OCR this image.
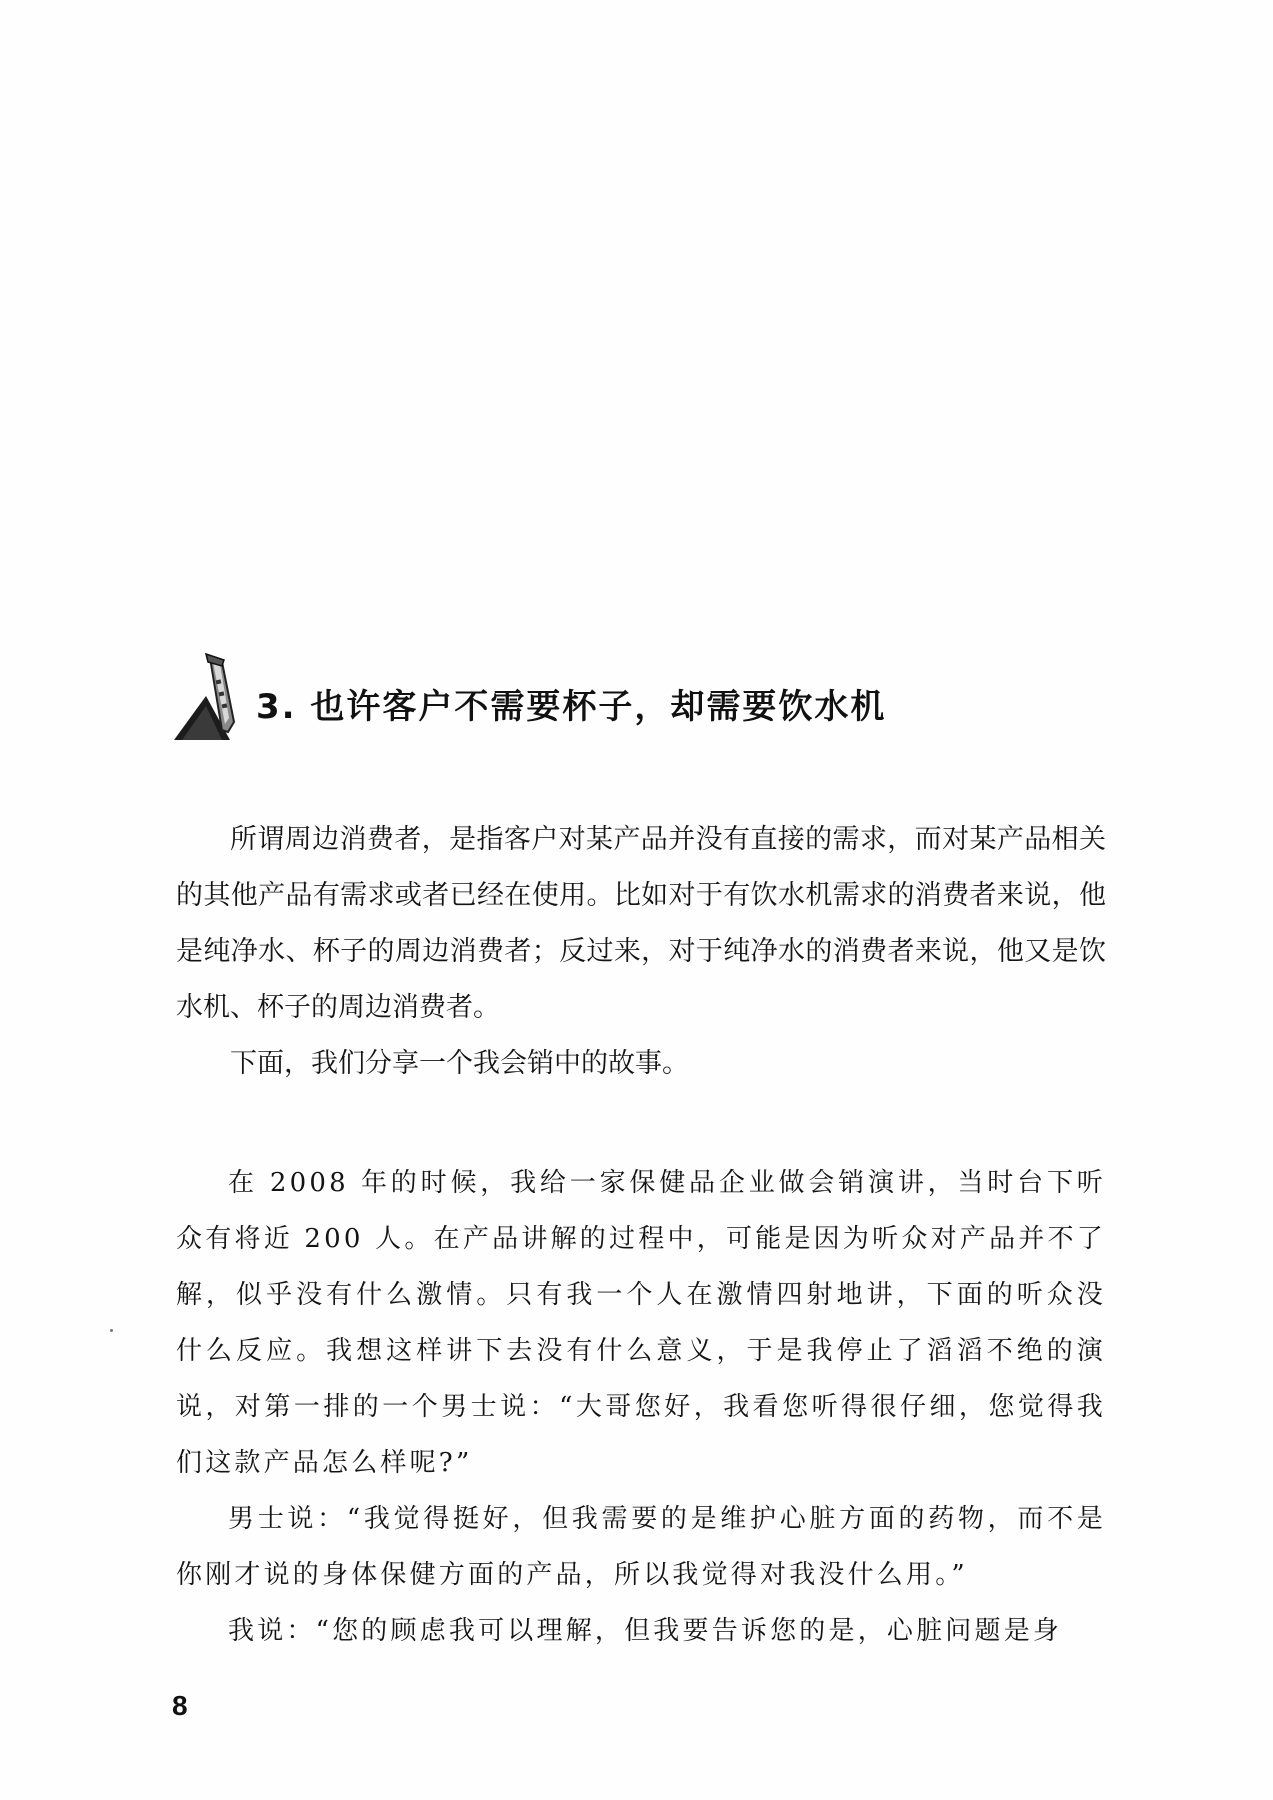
3. 也许客户不需要杯子，却需要饮水机

所谓周边消费者，是指客户对某产品并没有直接的需求，而对某产品相关的其他产品有需求或者已经在使用。比如对于有饮水机需求的消费者来说，他是纯净水、杯子的周边消费者；反过来，对于纯净水的消费者来说，他又是饮水机、杯子的周边消费者。

下面，我们分享一个我会销中的故事。

在 2008 年的时候，我给一家保健品企业做会销演讲，当时台下听众有将近 200 人。在产品讲解的过程中，可能是因为听众对产品并不了解，似乎没有什么激情。只有我一个人在激情四射地讲，下面的听众没什么反应。我想这样讲下去没有什么意义，于是我停止了滔滔不绝的演说，对第一排的一个男士说：“大哥您好，我看您听得很仔细，您觉得我们这款产品怎么样呢?”

男士说：“我觉得挺好，但我需要的是维护心脏方面的药物，而不是你刚才说的身体保健方面的产品，所以我觉得对我没什么用。”

我说：“您的顾虑我可以理解，但我要告诉您的是，心脏问题是身

8
